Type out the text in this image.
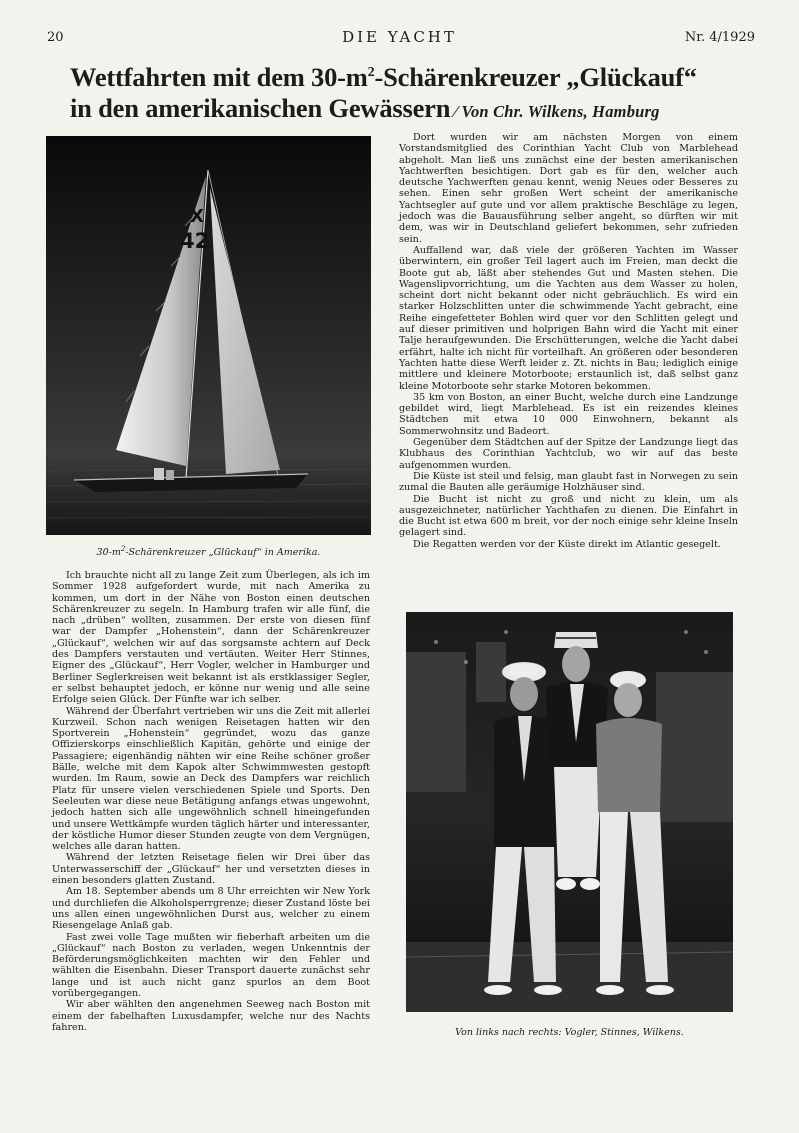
20	DIE YACHT	Nr. 4/1929
Wettfahrten mit dem $30-m^2$-Schärenkreuzer „Glückauf“
in den amerikanischen Gewässern ⁄ Von Chr. Wilkens, Hamburg
X
42
$30-m^2$-Schärenkreuzer „Glückauf“ in Amerika.

Ich brauchte nicht all zu lange Zeit zum Überlegen, als ich im Sommer 1928 aufgefordert wurde, mit nach Amerika zu kommen, um dort in der Nähe von Boston einen deutschen Schärenkreuzer zu segeln. In Hamburg trafen wir alle fünf, die nach „drüben“ wollten, zusammen. Der erste von diesen fünf war der Dampfer „Hohenstein“, dann der Schärenkreuzer „Glückauf“, welchen wir auf das sorgsamste achtern auf Deck des Dampfers verstauten und vertäuten. Weiter Herr Stinnes, Eigner des „Glückauf“, Herr Vogler, welcher in Hamburger und Berliner Seglerkreisen weit bekannt ist als erstklassiger Segler, er selbst behauptet jedoch, er könne nur wenig und alle seine Erfolge seien Glück. Der Fünfte war ich selber.

Während der Überfahrt vertrieben wir uns die Zeit mit allerlei Kurzweil. Schon nach wenigen Reisetagen hatten wir den Sportverein „Hohenstein“ gegründet, wozu das ganze Offizierskorps einschließlich Kapitän, gehörte und einige der Passagiere; eigenhändig nähten wir eine Reihe schöner großer Bälle, welche mit dem Kapok alter Schwimmwesten gestopft wurden. Im Raum, sowie an Deck des Dampfers war reichlich Platz für unsere vielen verschiedenen Spiele und Sports. Den Seeleuten war diese neue Betätigung anfangs etwas ungewohnt, jedoch hatten sich alle ungewöhnlich schnell hineingefunden und unsere Wettkämpfe wurden täglich härter und interessanter, der köstliche Humor dieser Stunden zeugte von dem Vergnügen, welches alle daran hatten.

Während der letzten Reisetage fielen wir Drei über das Unterwasserschiff der „Glückauf“ her und versetzten dieses in einen besonders glatten Zustand.

Am 18. September abends um 8 Uhr erreichten wir New York und durchliefen die Alkoholsperrgrenze; dieser Zustand löste bei uns allen einen ungewöhnlichen Durst aus, welcher zu einem Riesengelage Anlaß gab.

Fast zwei volle Tage mußten wir fieberhaft arbeiten um die „Glückauf“ nach Boston zu verladen, wegen Unkenntnis der Beförderungsmöglichkeiten machten wir den Fehler und wählten die Eisenbahn. Dieser Transport dauerte zunächst sehr lange und ist auch nicht ganz spurlos an dem Boot vorübergegangen.

Wir aber wählten den angenehmen Seeweg nach Boston mit einem der fabelhaften Luxusdampfer, welche nur des Nachts fahren.

Dort wurden wir am nächsten Morgen von einem Vorstandsmitglied des Corinthian Yacht Club von Marblehead abgeholt. Man ließ uns zunächst eine der besten amerikanischen Yachtwerften besichtigen. Dort gab es für den, welcher auch deutsche Yachwerften genau kennt, wenig Neues oder Besseres zu sehen. Einen sehr großen Wert scheint der amerikanische Yachtsegler auf gute und vor allem praktische Beschläge zu legen, jedoch was die Bauausführung selber angeht, so dürften wir mit dem, was wir in Deutschland geliefert bekommen, sehr zufrieden sein.

Auffallend war, daß viele der größeren Yachten im Wasser überwintern, ein großer Teil lagert auch im Freien, man deckt die Boote gut ab, läßt aber stehendes Gut und Masten stehen. Die Wagenslipvorrichtung, um die Yachten aus dem Wasser zu holen, scheint dort nicht bekannt oder nicht gebräuchlich. Es wird ein starker Holzschlitten unter die schwimmende Yacht gebracht, eine Reihe eingefetteter Bohlen wird quer vor den Schlitten gelegt und auf dieser primitiven und holprigen Bahn wird die Yacht mit einer Talje heraufgewunden. Die Erschütterungen, welche die Yacht dabei erfährt, halte ich nicht für vorteilhaft. An größeren oder besonderen Yachten hatte diese Werft leider z. Zt. nichts in Bau; lediglich einige mittlere und kleinere Motorboote; erstaunlich ist, daß selbst ganz kleine Motorboote sehr starke Motoren bekommen.

35 km von Boston, an einer Bucht, welche durch eine Landzunge gebildet wird, liegt Marblehead. Es ist ein reizendes kleines Städtchen mit etwa 10 000 Einwohnern, bekannt als Sommerwohnsitz und Badeort.

Gegenüber dem Städtchen auf der Spitze der Landzunge liegt das Klubhaus des Corinthian Yachtclub, wo wir auf das beste aufgenommen wurden.

Die Küste ist steil und felsig, man glaubt fast in Norwegen zu sein zumal die Bauten alle geräumige Holzhäuser sind.

Die Bucht ist nicht zu groß und nicht zu klein, um als ausgezeichneter, natürlicher Yachthafen zu dienen. Die Einfahrt in die Bucht ist etwa 600 m breit, vor der noch einige sehr kleine Inseln gelagert sind.

Die Regatten werden vor der Küste direkt im Atlantic gesegelt.

Von links nach rechts: Vogler, Stinnes, Wilkens.
